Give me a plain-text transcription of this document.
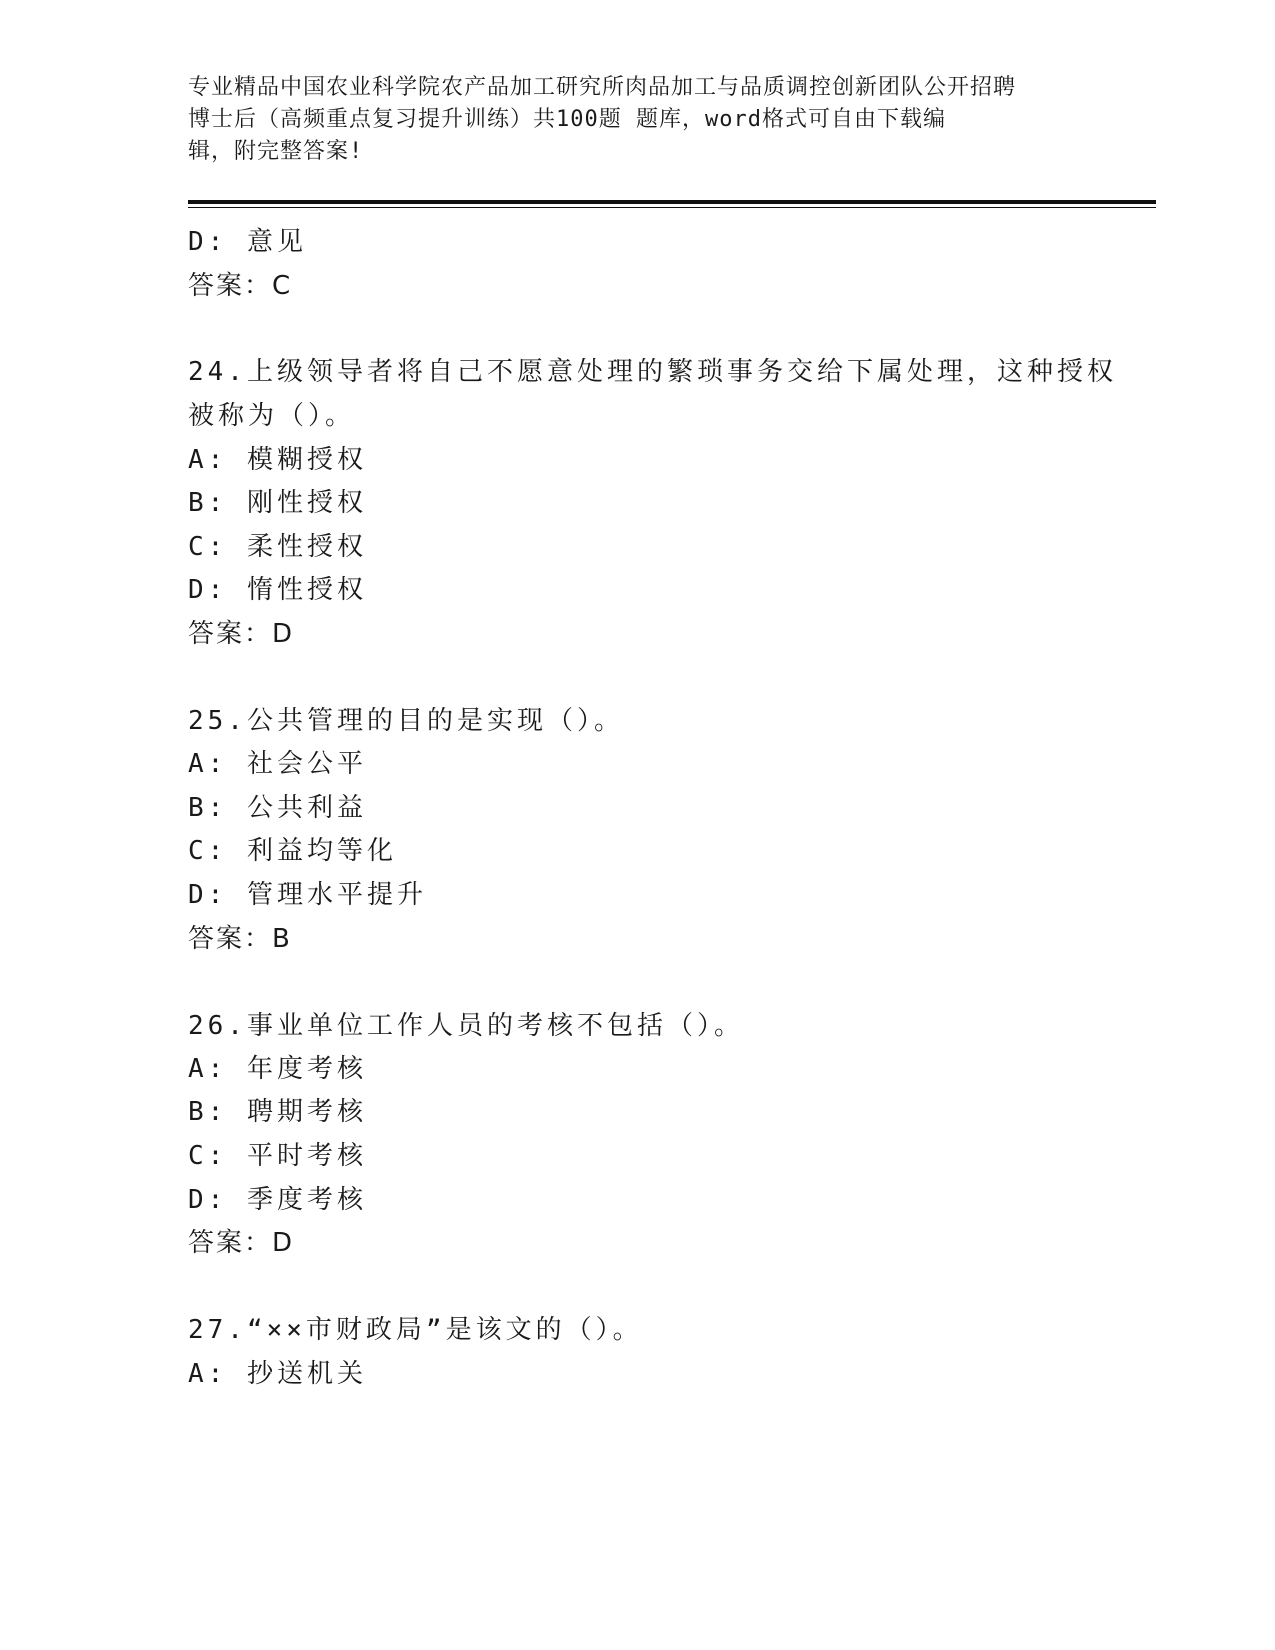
专业精品中国农业科学院农产品加工研究所肉品加工与品质调控创新团队公开招聘
博士后（高频重点复习提升训练）共100题 题库，word格式可自由下载编
辑，附完整答案!
D: 意见
答案：C
24.上级领导者将自己不愿意处理的繁琐事务交给下属处理，这种授权
被称为（）。
A: 模糊授权
B: 刚性授权
C: 柔性授权
D: 惰性授权
答案：D
25.公共管理的目的是实现（）。
A: 社会公平
B: 公共利益
C: 利益均等化
D: 管理水平提升
答案：B
26.事业单位工作人员的考核不包括（）。
A: 年度考核
B: 聘期考核
C: 平时考核
D: 季度考核
答案：D
27.“××市财政局”是该文的（）。
A: 抄送机关
